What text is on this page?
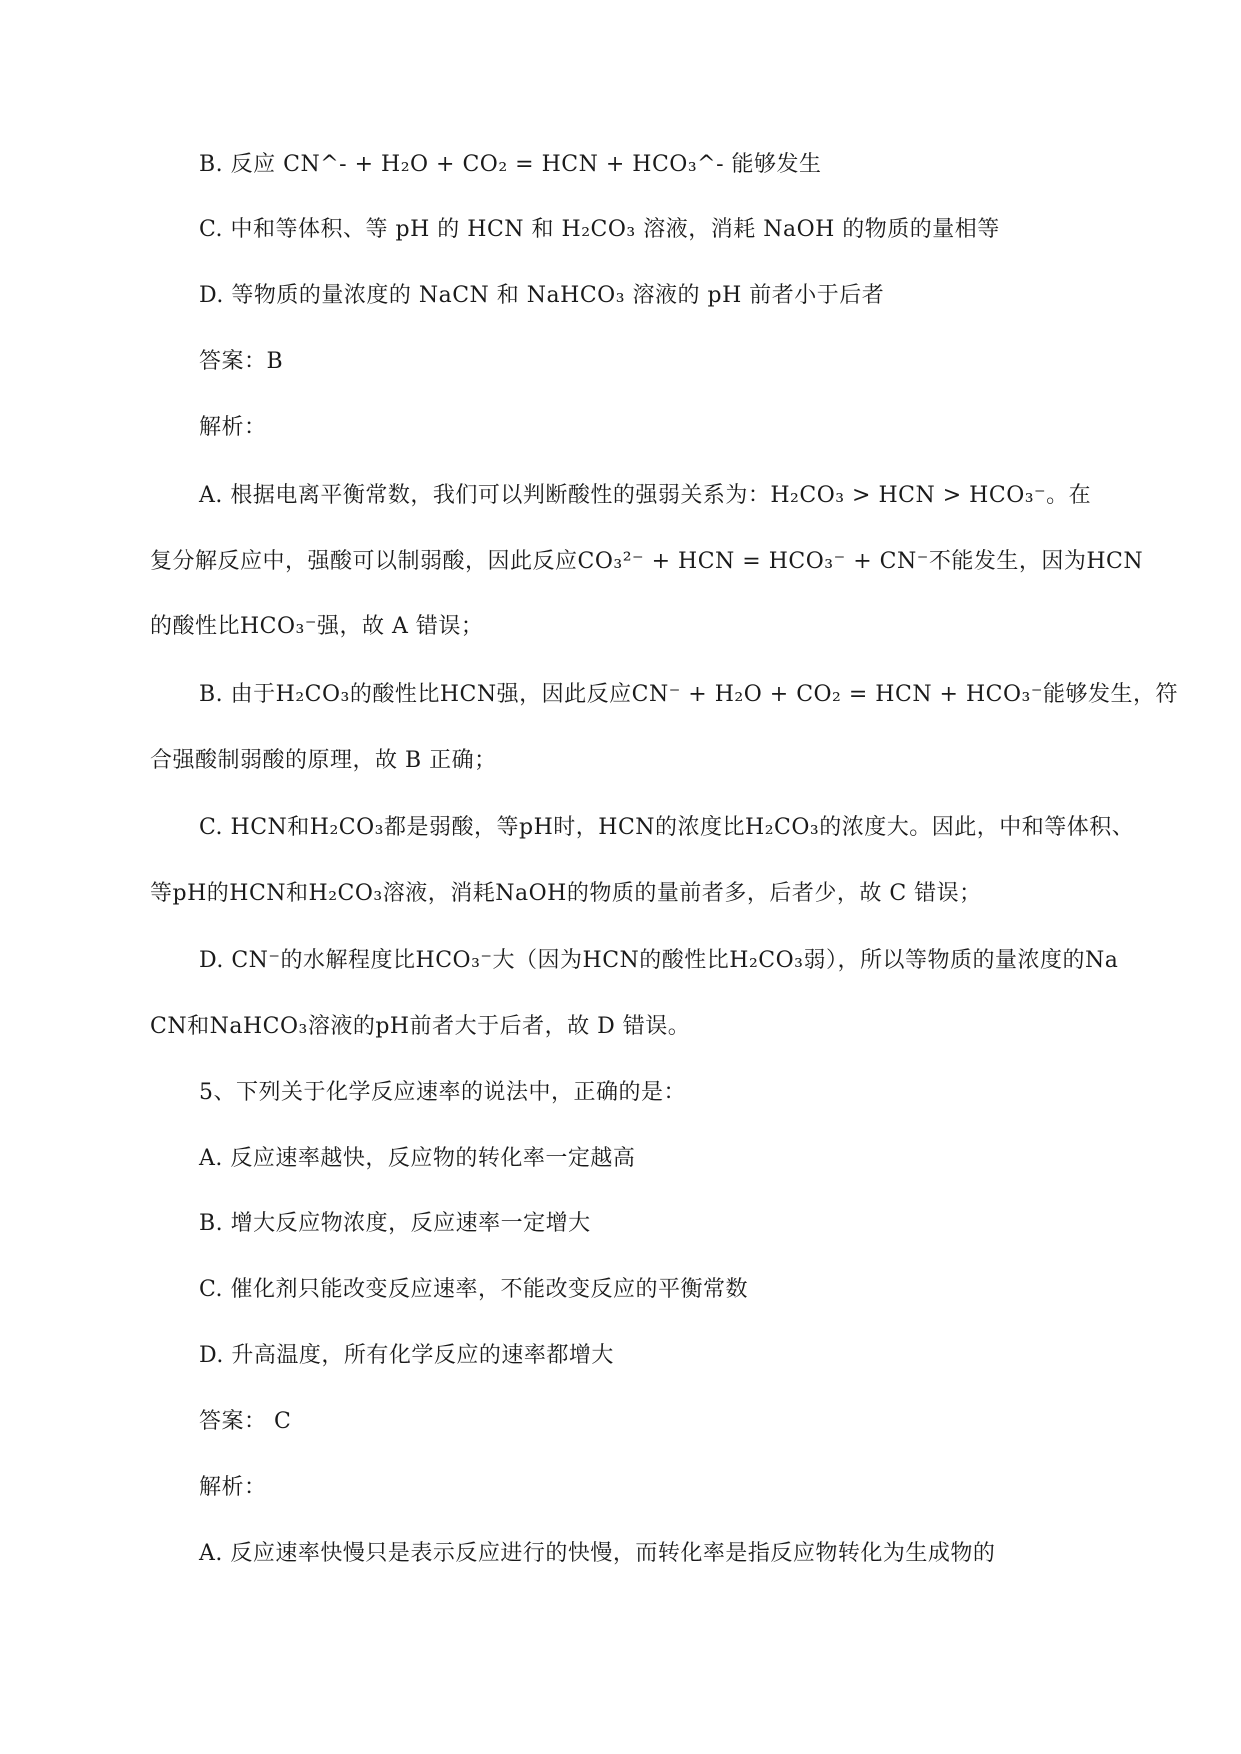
B. 反应 CN^- + H₂O + CO₂ = HCN + HCO₃^- 能够发生
C. 中和等体积、等 pH 的 HCN 和 H₂CO₃ 溶液，消耗 NaOH 的物质的量相等
D. 等物质的量浓度的 NaCN 和 NaHCO₃ 溶液的 pH 前者小于后者
答案：B
解析：
A. 根据电离平衡常数，我们可以判断酸性的强弱关系为：H₂CO₃ > HCN > HCO₃⁻。在
复分解反应中，强酸可以制弱酸，因此反应CO₃²⁻ + HCN = HCO₃⁻ + CN⁻不能发生，因为HCN
的酸性比HCO₃⁻强，故 A 错误；
B. 由于H₂CO₃的酸性比HCN强，因此反应CN⁻ + H₂O + CO₂ = HCN + HCO₃⁻能够发生，符
合强酸制弱酸的原理，故 B 正确；
C. HCN和H₂CO₃都是弱酸，等pH时，HCN的浓度比H₂CO₃的浓度大。因此，中和等体积、
等pH的HCN和H₂CO₃溶液，消耗NaOH的物质的量前者多，后者少，故 C 错误；
D. CN⁻的水解程度比HCO₃⁻大（因为HCN的酸性比H₂CO₃弱），所以等物质的量浓度的Na
CN和NaHCO₃溶液的pH前者大于后者，故 D 错误。
5、下列关于化学反应速率的说法中，正确的是：
A. 反应速率越快，反应物的转化率一定越高
B. 增大反应物浓度，反应速率一定增大
C. 催化剂只能改变反应速率，不能改变反应的平衡常数
D. 升高温度，所有化学反应的速率都增大
答案： C
解析：
A. 反应速率快慢只是表示反应进行的快慢，而转化率是指反应物转化为生成物的
